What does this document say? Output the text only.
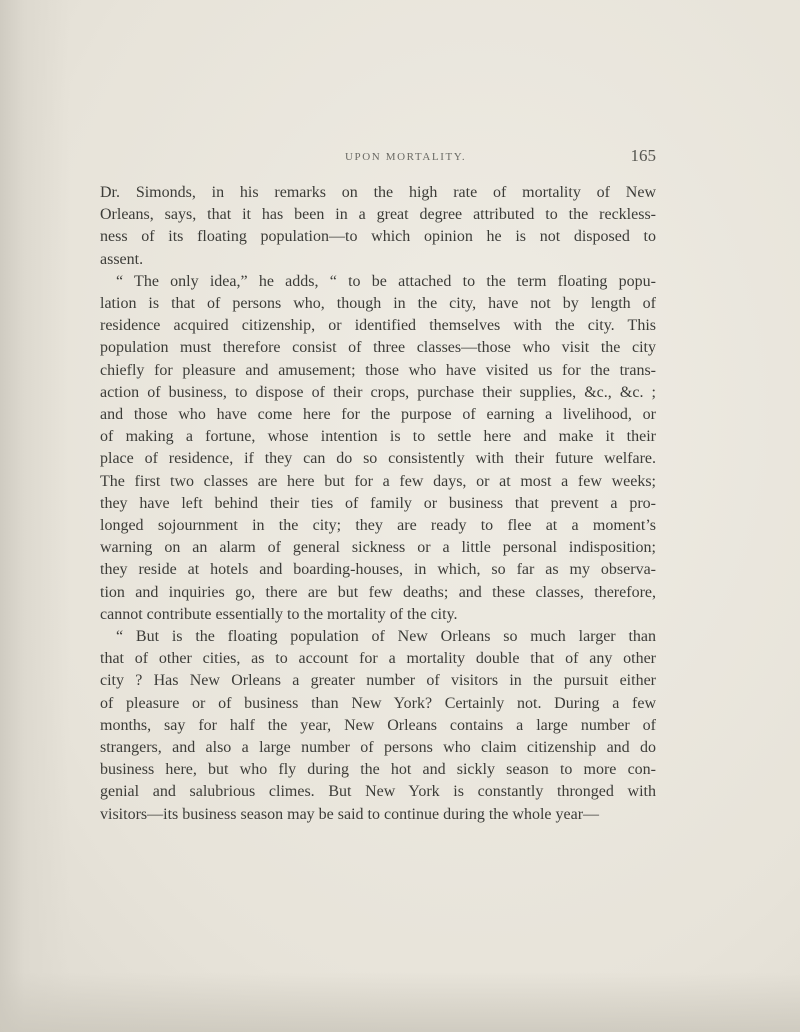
UPON MORTALITY.	165
Dr. Simonds, in his remarks on the high rate of mortality of New
Orleans, says, that it has been in a great degree attributed to the reckless-
ness of its floating population—to which opinion he is not disposed to
assent.
“ The only idea,” he adds, “ to be attached to the term floating popu-
lation is that of persons who, though in the city, have not by length of
residence acquired citizenship, or identified themselves with the city. This
population must therefore consist of three classes—those who visit the city
chiefly for pleasure and amusement; those who have visited us for the trans-
action of business, to dispose of their crops, purchase their supplies, &c., &c. ;
and those who have come here for the purpose of earning a livelihood, or
of making a fortune, whose intention is to settle here and make it their
place of residence, if they can do so consistently with their future welfare.
The first two classes are here but for a few days, or at most a few weeks;
they have left behind their ties of family or business that prevent a pro-
longed sojournment in the city; they are ready to flee at a moment’s
warning on an alarm of general sickness or a little personal indisposition;
they reside at hotels and boarding-houses, in which, so far as my observa-
tion and inquiries go, there are but few deaths; and these classes, therefore,
cannot contribute essentially to the mortality of the city.
“ But is the floating population of New Orleans so much larger than
that of other cities, as to account for a mortality double that of any other
city ? Has New Orleans a greater number of visitors in the pursuit either
of pleasure or of business than New York? Certainly not. During a few
months, say for half the year, New Orleans contains a large number of
strangers, and also a large number of persons who claim citizenship and do
business here, but who fly during the hot and sickly season to more con-
genial and salubrious climes. But New York is constantly thronged with
visitors—its business season may be said to continue during the whole year—
